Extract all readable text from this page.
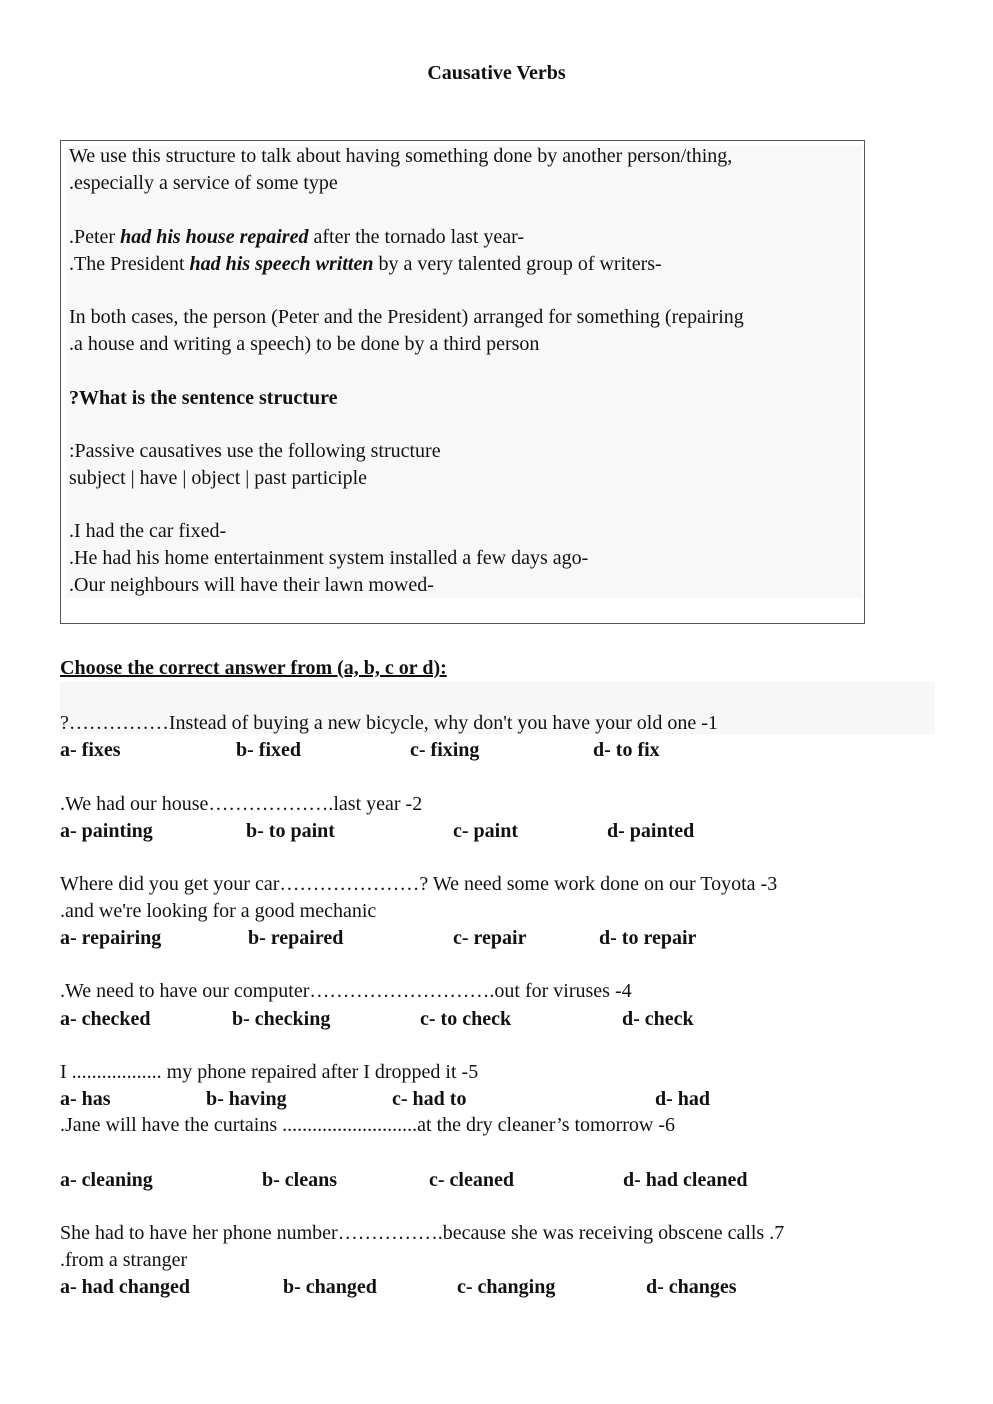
Causative Verbs
We use this structure to talk about having something done by another person/thing,
.especially a service of some type
.Peter had his house repaired after the tornado last year-
.The President had his speech written by a very talented group of writers-
In both cases, the person (Peter and the President) arranged for something (repairing
.a house and writing a speech) to be done by a third person
?What is the sentence structure
:Passive causatives use the following structure
subject | have | object | past participle
.I had the car fixed-
.He had his home entertainment system installed a few days ago-
.Our neighbours will have their lawn mowed-
Choose the correct answer from (a, b, c or d):
?……………Instead of buying a new bicycle, why don't you have your old one -1
a- fixes	b- fixed	c- fixing	d- to fix
.We had our house……………….last year -2
a- painting	b- to paint	c- paint	d- painted
Where did you get your car…………………? We need some work done on our Toyota -3
.and we're looking for a good mechanic
a- repairing	b- repaired	c- repair	d- to repair
.We need to have our computer……………………….out for viruses -4
a- checked	b- checking	c- to check	d- check
I .................. my phone repaired after I dropped it -5
a- has	b- having	c- had to	d- had
.Jane will have the curtains ...........................at the dry cleaner’s tomorrow -6
a- cleaning	b- cleans	c- cleaned	d- had cleaned
She had to have her phone number…………….because she was receiving obscene calls .7
.from a stranger
a- had changed	b- changed	c- changing	d- changes
